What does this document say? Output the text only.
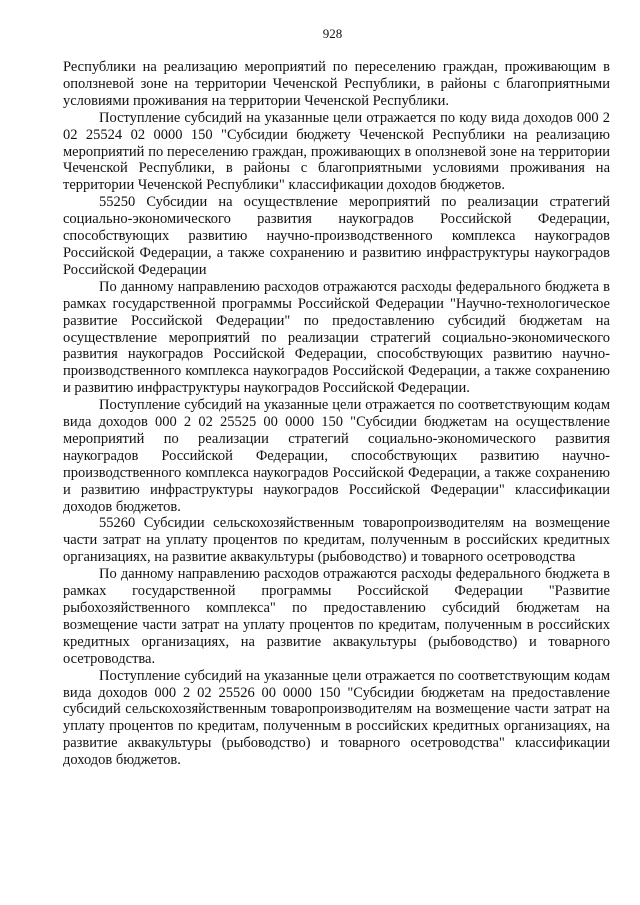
928

Республики на реализацию мероприятий по переселению граждан, проживающим в оползневой зоне на территории Чеченской Республики, в районы с благоприятными условиями проживания на территории Чеченской Республики.

Поступление субсидий на указанные цели отражается по коду вида доходов 000 2 02 25524 02 0000 150 "Субсидии бюджету Чеченской Республики на реализацию мероприятий по переселению граждан, проживающих в оползневой зоне на территории Чеченской Республики, в районы с благоприятными условиями проживания на территории Чеченской Республики" классификации доходов бюджетов.

55250 Субсидии на осуществление мероприятий по реализации стратегий социально-экономического развития наукоградов Российской Федерации, способствующих развитию научно-производственного комплекса наукоградов Российской Федерации, а также сохранению и развитию инфраструктуры наукоградов Российской Федерации

По данному направлению расходов отражаются расходы федерального бюджета в рамках государственной программы Российской Федерации "Научно-технологическое развитие Российской Федерации" по предоставлению субсидий бюджетам на осуществление мероприятий по реализации стратегий социально-экономического развития наукоградов Российской Федерации, способствующих развитию научно-производственного комплекса наукоградов Российской Федерации, а также сохранению и развитию инфраструктуры наукоградов Российской Федерации.

Поступление субсидий на указанные цели отражается по соответствующим кодам вида доходов 000 2 02 25525 00 0000 150 "Субсидии бюджетам на осуществление мероприятий по реализации стратегий социально-экономического развития наукоградов Российской Федерации, способствующих развитию научно-производственного комплекса наукоградов Российской Федерации, а также сохранению и развитию инфраструктуры наукоградов Российской Федерации" классификации доходов бюджетов.

55260 Субсидии сельскохозяйственным товаропроизводителям на возмещение части затрат на уплату процентов по кредитам, полученным в российских кредитных организациях, на развитие аквакультуры (рыбоводство) и товарного осетроводства

По данному направлению расходов отражаются расходы федерального бюджета в рамках государственной программы Российской Федерации "Развитие рыбохозяйственного комплекса" по предоставлению субсидий бюджетам на возмещение части затрат на уплату процентов по кредитам, полученным в российских кредитных организациях, на развитие аквакультуры (рыбоводство) и товарного осетроводства.

Поступление субсидий на указанные цели отражается по соответствующим кодам вида доходов 000 2 02 25526 00 0000 150 "Субсидии бюджетам на предоставление субсидий сельскохозяйственным товаропроизводителям на возмещение части затрат на уплату процентов по кредитам, полученным в российских кредитных организациях, на развитие аквакультуры (рыбоводство) и товарного осетроводства" классификации доходов бюджетов.
